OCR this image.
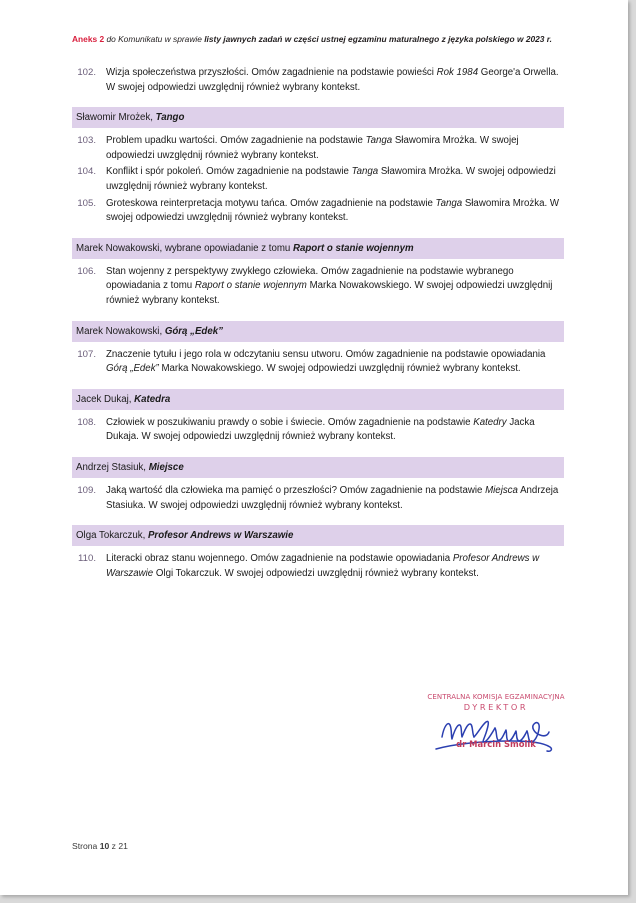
Aneks 2 do Komunikatu w sprawie listy jawnych zadań w części ustnej egzaminu maturalnego z języka polskiego w 2023 r.
102.	Wizja społeczeństwa przyszłości. Omów zagadnienie na podstawie powieści Rok 1984 George'a Orwella. W swojej odpowiedzi uwzględnij również wybrany kontekst.
Sławomir Mrożek, Tango
103.	Problem upadku wartości. Omów zagadnienie na podstawie Tanga Sławomira Mrożka. W swojej odpowiedzi uwzględnij również wybrany kontekst.
104.	Konflikt i spór pokoleń. Omów zagadnienie na podstawie Tanga Sławomira Mrożka. W swojej odpowiedzi uwzględnij również wybrany kontekst.
105.	Groteskowa reinterpretacja motywu tańca. Omów zagadnienie na podstawie Tanga Sławomira Mrożka. W swojej odpowiedzi uwzględnij również wybrany kontekst.
Marek Nowakowski, wybrane opowiadanie z tomu Raport o stanie wojennym
106.	Stan wojenny z perspektywy zwykłego człowieka. Omów zagadnienie na podstawie wybranego opowiadania z tomu Raport o stanie wojennym Marka Nowakowskiego. W swojej odpowiedzi uwzględnij również wybrany kontekst.
Marek Nowakowski, Górą „Edek”
107.	Znaczenie tytułu i jego rola w odczytaniu sensu utworu. Omów zagadnienie na podstawie opowiadania Górą „Edek” Marka Nowakowskiego. W swojej odpowiedzi uwzględnij również wybrany kontekst.
Jacek Dukaj, Katedra
108.	Człowiek w poszukiwaniu prawdy o sobie i świecie. Omów zagadnienie na podstawie Katedry Jacka Dukaja. W swojej odpowiedzi uwzględnij również wybrany kontekst.
Andrzej Stasiuk, Miejsce
109.	Jaką wartość dla człowieka ma pamięć o przeszłości? Omów zagadnienie na podstawie Miejsca Andrzeja Stasiuka. W swojej odpowiedzi uwzględnij również wybrany kontekst.
Olga Tokarczuk, Profesor Andrews w Warszawie
110.	Literacki obraz stanu wojennego. Omów zagadnienie na podstawie opowiadania Profesor Andrews w Warszawie Olgi Tokarczuk. W swojej odpowiedzi uwzględnij również wybrany kontekst.
CENTRALNA KOMISJA EGZAMINACYJNA
DYREKTOR
dr Marcin Smolik
Strona 10 z 21
